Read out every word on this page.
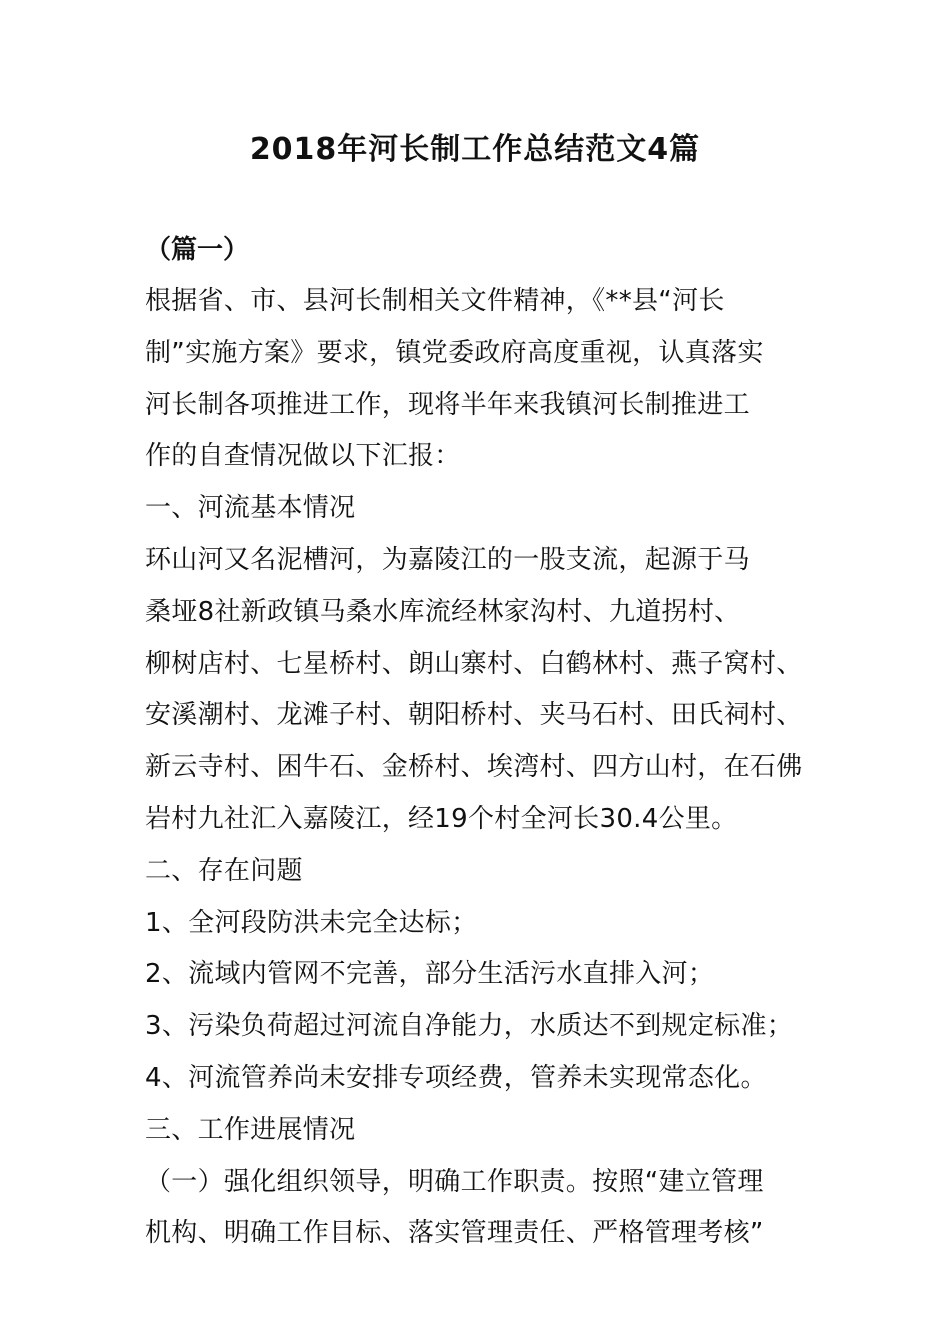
2018年河长制工作总结范文4篇

（篇一）

根据省、市、县河长制相关文件精神，《**县“河长

制”实施方案》要求，镇党委政府高度重视，认真落实

河长制各项推进工作，现将半年来我镇河长制推进工

作的自查情况做以下汇报：

一、河流基本情况

环山河又名泥槽河，为嘉陵江的一股支流，起源于马

桑垭8社新政镇马桑水库流经林家沟村、九道拐村、

柳树店村、七星桥村、朗山寨村、白鹤林村、燕子窝村、

安溪潮村、龙滩子村、朝阳桥村、夹马石村、田氏祠村、

新云寺村、困牛石、金桥村、埃湾村、四方山村，在石佛

岩村九社汇入嘉陵江，经19个村全河长30.4公里。

二、存在问题

1、全河段防洪未完全达标；

2、流域内管网不完善，部分生活污水直排入河；

3、污染负荷超过河流自净能力，水质达不到规定标准；

4、河流管养尚未安排专项经费，管养未实现常态化。

三、工作进展情况

（一）强化组织领导，明确工作职责。按照“建立管理

机构、明确工作目标、落实管理责任、严格管理考核”
